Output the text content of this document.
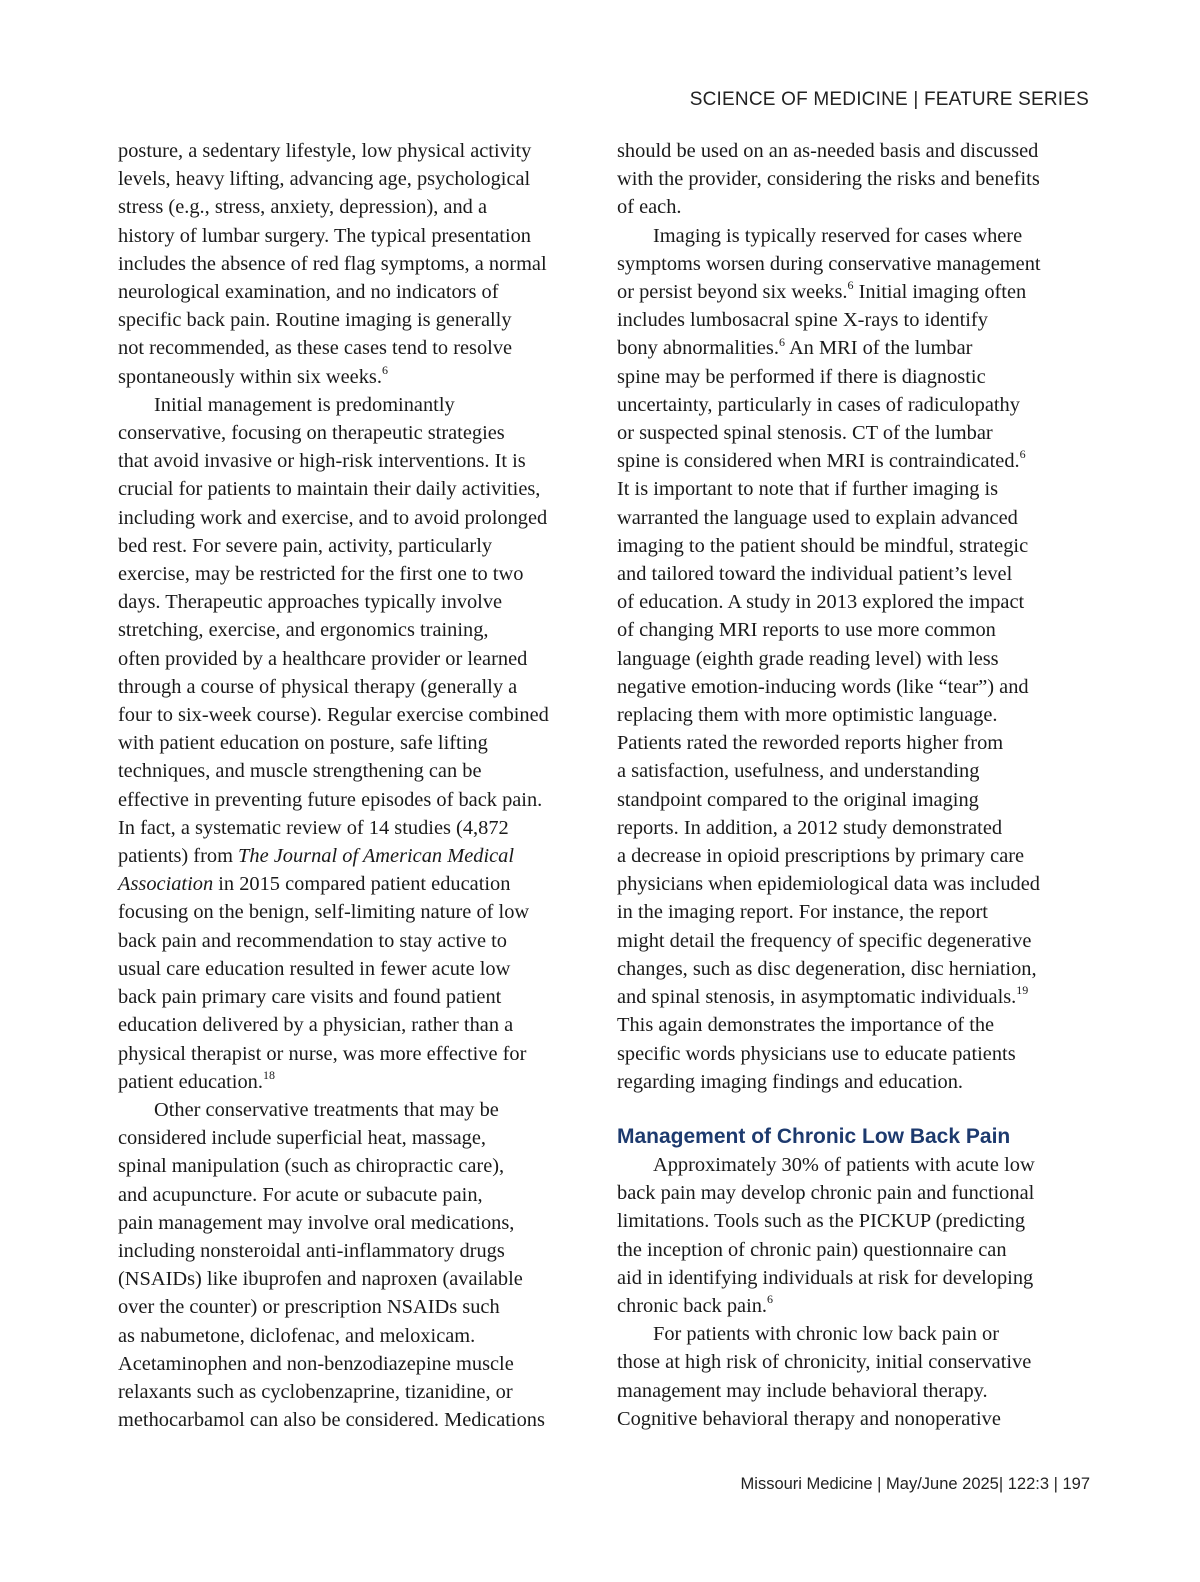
SCIENCE OF MEDICINE | FEATURE SERIES
posture, a sedentary lifestyle, low physical activity
levels, heavy lifting, advancing age, psychological
stress (e.g., stress, anxiety, depression), and a
history of lumbar surgery. The typical presentation
includes the absence of red flag symptoms, a normal
neurological examination, and no indicators of
specific back pain. Routine imaging is generally
not recommended, as these cases tend to resolve
spontaneously within six weeks.$^6$
Initial management is predominantly
conservative, focusing on therapeutic strategies
that avoid invasive or high-risk interventions. It is
crucial for patients to maintain their daily activities,
including work and exercise, and to avoid prolonged
bed rest. For severe pain, activity, particularly
exercise, may be restricted for the first one to two
days. Therapeutic approaches typically involve
stretching, exercise, and ergonomics training,
often provided by a healthcare provider or learned
through a course of physical therapy (generally a
four to six-week course). Regular exercise combined
with patient education on posture, safe lifting
techniques, and muscle strengthening can be
effective in preventing future episodes of back pain.
In fact, a systematic review of 14 studies (4,872
patients) from The Journal of American Medical
Association in 2015 compared patient education
focusing on the benign, self-limiting nature of low
back pain and recommendation to stay active to
usual care education resulted in fewer acute low
back pain primary care visits and found patient
education delivered by a physician, rather than a
physical therapist or nurse, was more effective for
patient education.$^{18}$
Other conservative treatments that may be
considered include superficial heat, massage,
spinal manipulation (such as chiropractic care),
and acupuncture. For acute or subacute pain,
pain management may involve oral medications,
including nonsteroidal anti-inflammatory drugs
(NSAIDs) like ibuprofen and naproxen (available
over the counter) or prescription NSAIDs such
as nabumetone, diclofenac, and meloxicam.
Acetaminophen and non-benzodiazepine muscle
relaxants such as cyclobenzaprine, tizanidine, or
methocarbamol can also be considered. Medications
should be used on an as-needed basis and discussed
with the provider, considering the risks and benefits
of each.
Imaging is typically reserved for cases where
symptoms worsen during conservative management
or persist beyond six weeks.$^6$ Initial imaging often
includes lumbosacral spine X-rays to identify
bony abnormalities.$^6$ An MRI of the lumbar
spine may be performed if there is diagnostic
uncertainty, particularly in cases of radiculopathy
or suspected spinal stenosis. CT of the lumbar
spine is considered when MRI is contraindicated.$^6$
It is important to note that if further imaging is
warranted the language used to explain advanced
imaging to the patient should be mindful, strategic
and tailored toward the individual patient’s level
of education. A study in 2013 explored the impact
of changing MRI reports to use more common
language (eighth grade reading level) with less
negative emotion-inducing words (like “tear”) and
replacing them with more optimistic language.
Patients rated the reworded reports higher from
a satisfaction, usefulness, and understanding
standpoint compared to the original imaging
reports. In addition, a 2012 study demonstrated
a decrease in opioid prescriptions by primary care
physicians when epidemiological data was included
in the imaging report. For instance, the report
might detail the frequency of specific degenerative
changes, such as disc degeneration, disc herniation,
and spinal stenosis, in asymptomatic individuals.$^{19}$
This again demonstrates the importance of the
specific words physicians use to educate patients
regarding imaging findings and education.
Management of Chronic Low Back Pain
Approximately 30% of patients with acute low
back pain may develop chronic pain and functional
limitations. Tools such as the PICKUP (predicting
the inception of chronic pain) questionnaire can
aid in identifying individuals at risk for developing
chronic back pain.$^6$
For patients with chronic low back pain or
those at high risk of chronicity, initial conservative
management may include behavioral therapy.
Cognitive behavioral therapy and nonoperative
Missouri Medicine | May/June 2025| 122:3 | 197
